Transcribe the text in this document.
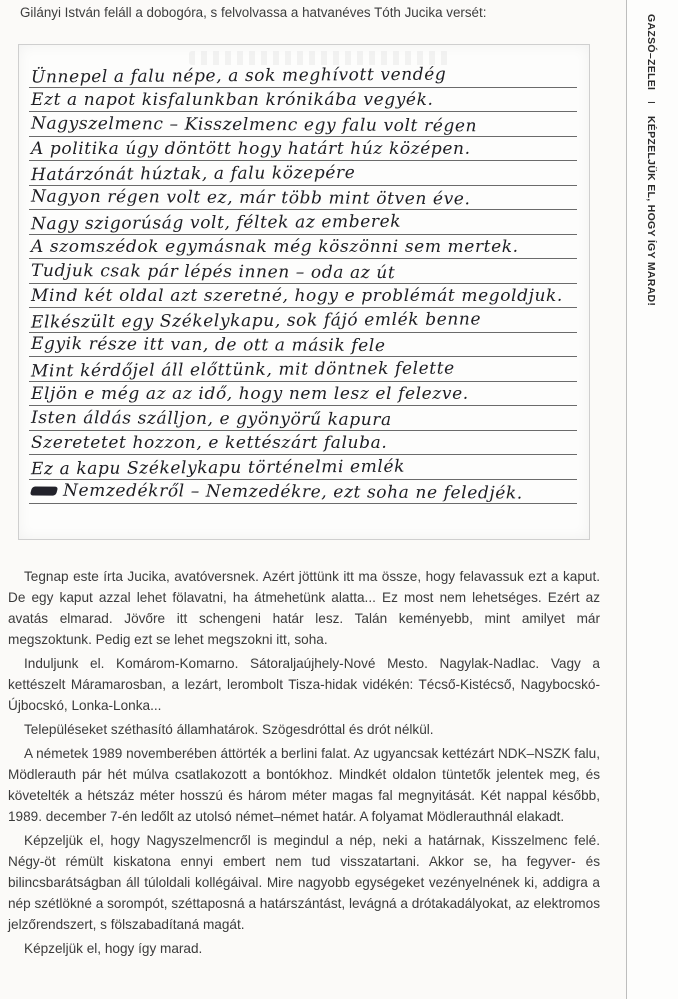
Gilányi István feláll a dobogóra, s felvolvassa a hatvanéves Tóth Jucika versét:
Ünnepel a falu népe, a sok meghívott vendég
Ezt a napot kisfalunkban krónikába vegyék.
Nagyszelmenc – Kisszelmenc egy falu volt régen
A politika úgy döntött hogy határt húz középen.
Határzónát húztak, a falu közepére
Nagyon régen volt ez, már több mint ötven éve.
Nagy szigorúság volt, féltek az emberek
A szomszédok egymásnak még köszönni sem mertek.
Tudjuk csak pár lépés innen – oda az út
Mind két oldal azt szeretné, hogy e problémát megoldjuk.
Elkészült egy Székelykapu, sok fájó emlék benne
Egyik része itt van, de ott a másik fele
Mint kérdőjel áll előttünk, mit döntnek felette
Eljön e még az az idő, hogy nem lesz el felezve.
Isten áldás szálljon, e gyönyörű kapura
Szeretetet hozzon, e kettészárt faluba.
Ez a kapu Székelykapu történelmi emlék
Nemzedékről – Nemzedékre, ezt soha ne feledjék.

Tegnap este írta Jucika, avatóversnek. Azért jöttünk itt ma össze, hogy felavassuk ezt a kaput. De egy kaput azzal lehet fölavatni, ha átmehetünk alatta... Ez most nem lehetséges. Ezért az avatás elmarad. Jövőre itt schengeni határ lesz. Talán keményebb, mint amilyet már megszoktunk. Pedig ezt se lehet megszokni itt, soha.

Induljunk el. Komárom-Komarno. Sátoraljaújhely-Nové Mesto. Nagylak-Nadlac. Vagy a kettészelt Máramarosban, a lezárt, lerombolt Tisza-hidak vidékén: Técső-Kistécső, Nagybocskó-Újbocskó, Lonka-Lonka...

Településeket széthasító államhatárok. Szögesdróttal és drót nélkül.

A németek 1989 novemberében áttörték a berlini falat. Az ugyancsak kettézárt NDK–NSZK falu, Mödlerauth pár hét múlva csatlakozott a bontókhoz. Mindkét oldalon tüntetők jelentek meg, és követelték a hétszáz méter hosszú és három méter magas fal megnyitását. Két nappal később, 1989. december 7-én ledőlt az utolsó német–német határ. A folyamat Mödlerauthnál elakadt.

Képzeljük el, hogy Nagyszelmencről is megindul a nép, neki a határnak, Kisszelmenc felé. Négy-öt rémült kiskatona ennyi embert nem tud visszatartani. Akkor se, ha fegyver- és bilincsbarátságban áll túloldali kollégáival. Mire nagyobb egységeket vezényelnének ki, addigra a nép szétlökné a sorompót, széttaposná a határszántást, levágná a drótakadályokat, az elektromos jelzőrendszert, s fölszabadítaná magát.

Képzeljük el, hogy így marad.

GAZSÓ–ZELEI I KÉPZELJÜK EL, HOGY ÍGY MARAD!
